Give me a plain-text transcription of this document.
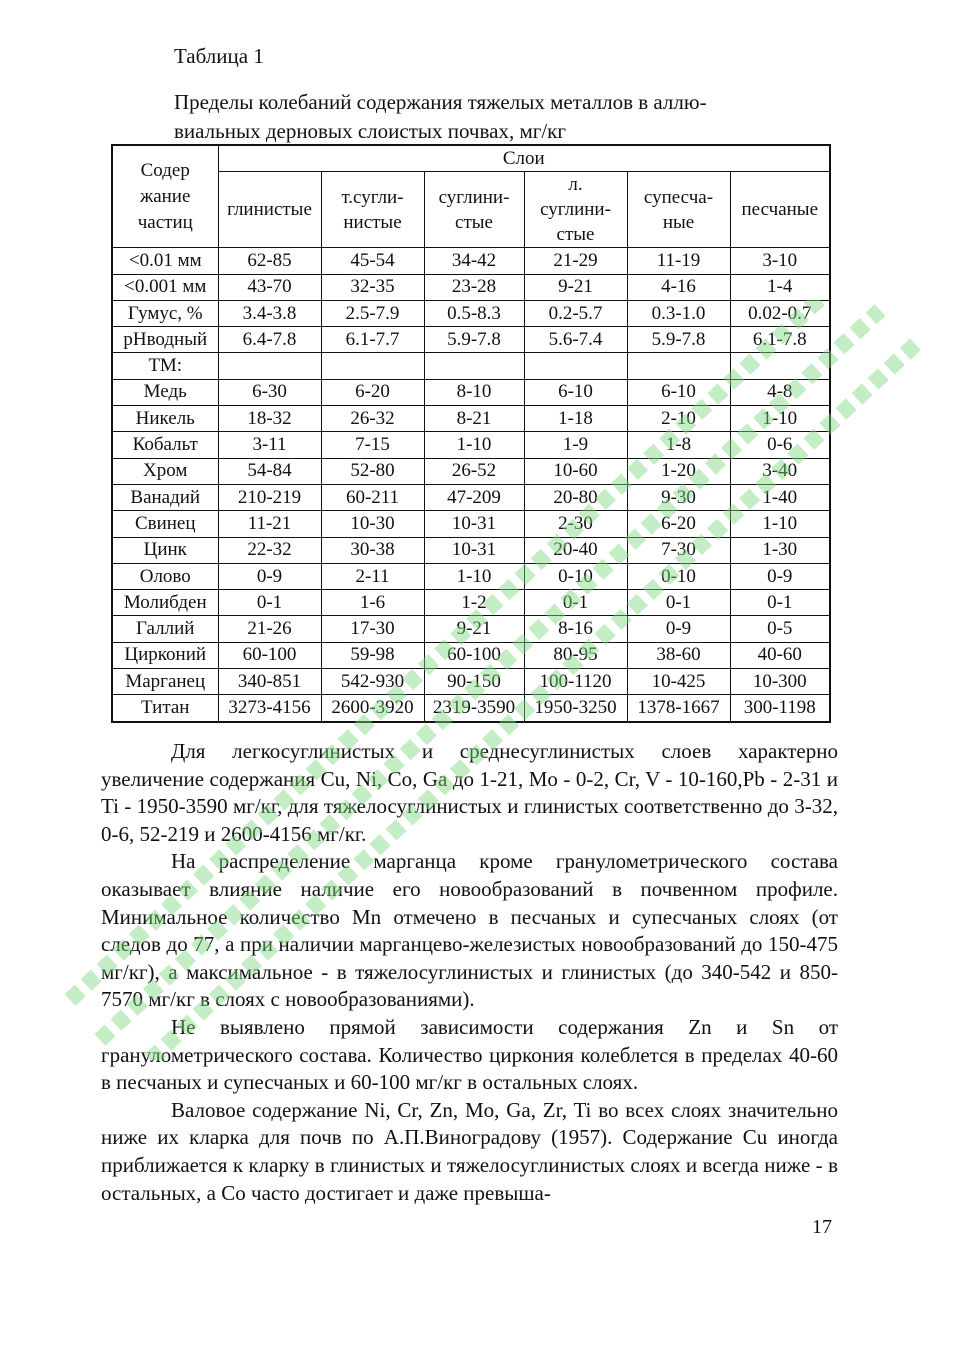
Таблица 1
Пределы колебаний содержания тяжелых металлов в аллю-
виальных дерновых слоистых почвах, мг/кг
Содер жание частиц	Слои					
	глинистые	т.сугли- нистые	суглини- стые	л. суглини- стые	супесча- ные	песчаные
<0.01 мм	62-85	45-54	34-42	21-29	11-19	3-10
<0.001 мм	43-70	32-35	23-28	9-21	4-16	1-4
Гумус, %	3.4-3.8	2.5-7.9	0.5-8.3	0.2-5.7	0.3-1.0	0.02-0.7
pHводный	6.4-7.8	6.1-7.7	5.9-7.8	5.6-7.4	5.9-7.8	6.1-7.8
ТМ:						
Медь	6-30	6-20	8-10	6-10	6-10	4-8
Никель	18-32	26-32	8-21	1-18	2-10	1-10
Кобальт	3-11	7-15	1-10	1-9	1-8	0-6
Хром	54-84	52-80	26-52	10-60	1-20	3-40
Ванадий	210-219	60-211	47-209	20-80	9-30	1-40
Свинец	11-21	10-30	10-31	2-30	6-20	1-10
Цинк	22-32	30-38	10-31	20-40	7-30	1-30
Олово	0-9	2-11	1-10	0-10	0-10	0-9
Молибден	0-1	1-6	1-2	0-1	0-1	0-1
Галлий	21-26	17-30	9-21	8-16	0-9	0-5
Цирконий	60-100	59-98	60-100	80-95	38-60	40-60
Марганец	340-851	542-930	90-150	100-1120	10-425	10-300
Титан	3273-4156	2600-3920	2319-3590	1950-3250	1378-1667	300-1198

Для легкосуглинистых и среднесуглинистых слоев характерно увеличение содержания Cu, Ni, Co, Ga до 1-21, Mo - 0-2, Cr, V - 10-160,Pb - 2-31 и Ti - 1950-3590 мг/кг, для тяжелосуглинистых и глинистых соответственно до 3-32, 0-6, 52-219 и 2600-4156 мг/кг.

На распределение марганца кроме гранулометрического состава оказывает влияние наличие его новообразований в почвенном профиле. Минимальное количество Mn отмечено в песчаных и супесчаных слоях (от следов до 77, а при наличии марганцево-железистых новообразований до 150-475 мг/кг), а максимальное - в тяжелосуглинистых и глинистых (до 340-542 и 850-7570 мг/кг в слоях с новообразованиями).

Не выявлено прямой зависимости содержания Zn и Sn от гранулометрического состава. Количество циркония колеблется в пределах 40-60 в песчаных и супесчаных и 60-100 мг/кг в остальных слоях.

Валовое содержание Ni, Cr, Zn, Mo, Ga, Zr, Ti во всех слоях значительно ниже их кларка для почв по А.П.Виноградову (1957). Содержание Cu иногда приближается к кларку в глинистых и тяжелосуглинистых слоях и всегда ниже - в остальных, а Co часто достигает и даже превыша-

17
